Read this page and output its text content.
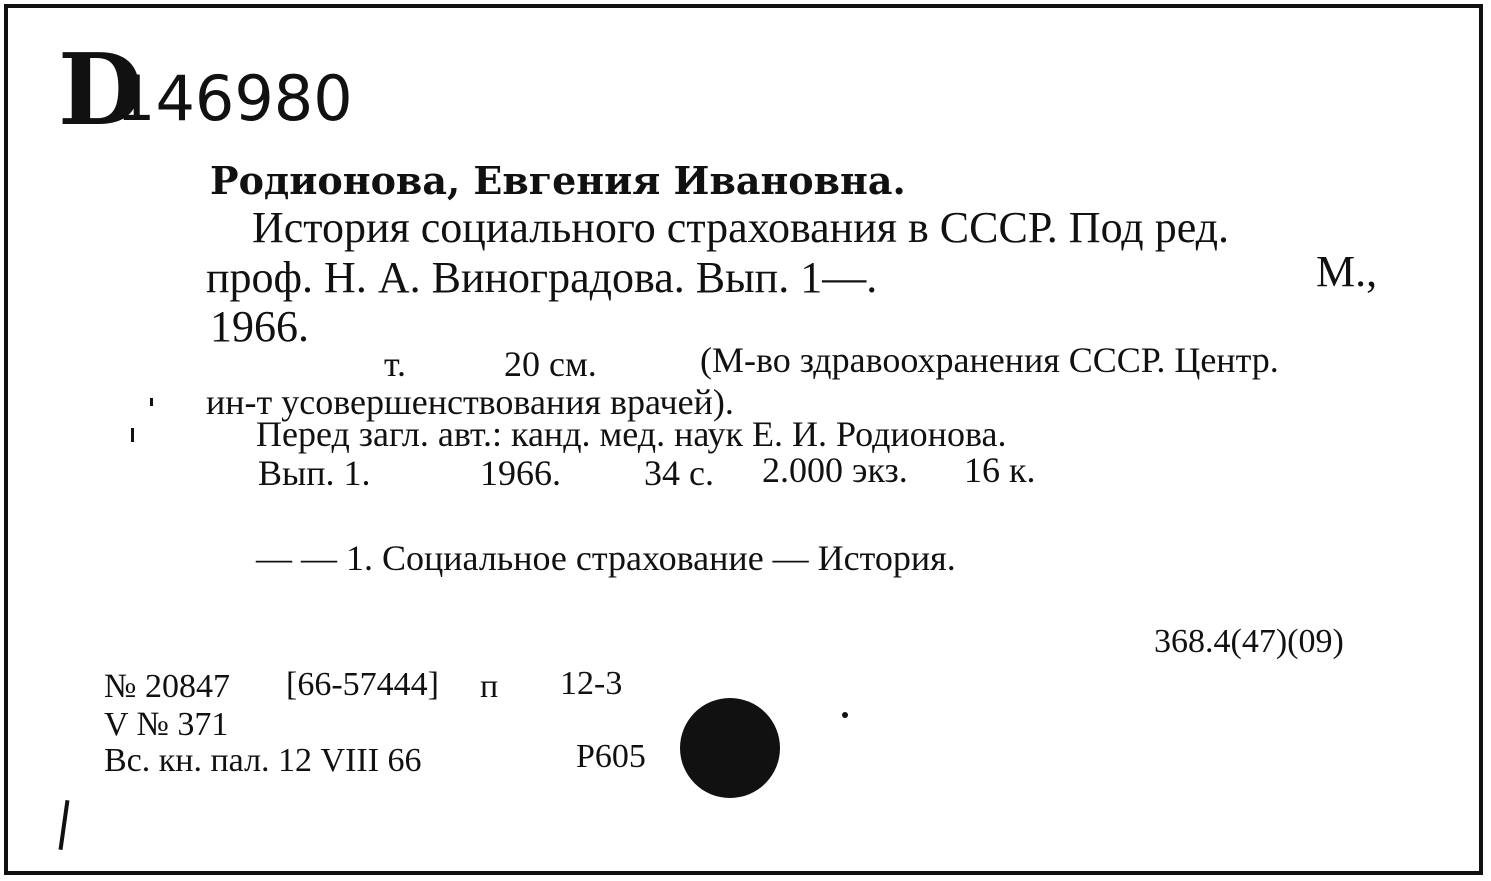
D
146980
Родионова, Евгения Ивановна.
История социального страхования в СССР. Под ред.
проф. Н. А. Виноградова. Вып. 1—.	М.,
1966.
т.	20 см.	(М-во здравоохранения СССР. Центр.
ин-т усовершенствования врачей).
Перед загл. авт.: канд. мед. наук Е. И. Родионова.
Вып. 1.	1966. 34 с. 2.000 экз. 16 к.
— — 1. Социальное страхование — История.
368.4(47)(09)
№ 20847 [66-57444] п 12-3
V № 371
Вс. кн. пал. 12 VIII 66	Р605
